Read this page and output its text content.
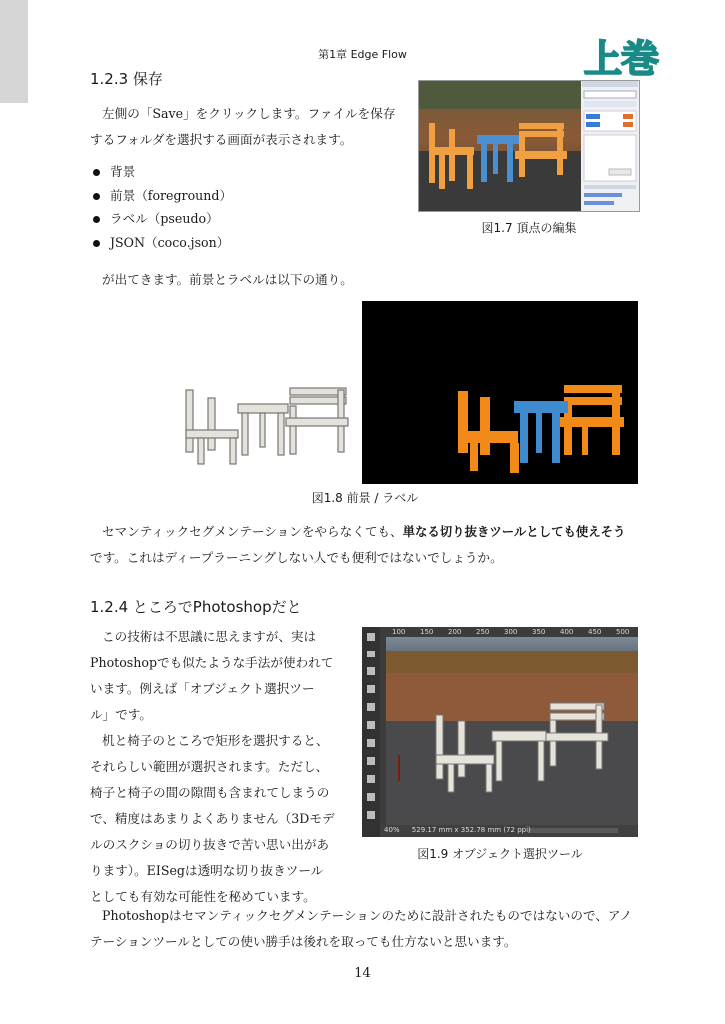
第1章 Edge Flow	上巻
1.2.3 保存
左側の「Save」をクリックします。ファイルを保存
するフォルダを選択する画面が表示されます。
背景
前景（foreground）
ラベル（pseudo）
JSON（coco.json）
が出てきます。前景とラベルは以下の通り。
図1.7 頂点の編集
図1.8 前景 / ラベル
セマンティックセグメンテーションをやらなくても、単なる切り抜きツールとしても使えそう
です。これはディープラーニングしない人でも便利ではないでしょうか。
1.2.4 ところでPhotoshopだと
この技術は不思議に思えますが、実は
Photoshopでも似たような手法が使われて
います。例えば「オブジェクト選択ツー
ル」です。
机と椅子のところで矩形を選択すると、
それらしい範囲が選択されます。ただし、
椅子と椅子の間の隙間も含まれてしまうの
で、精度はあまりよくありません（3Dモデ
ルのスクショの切り抜きで苦い思い出があ
ります）。EISegは透明な切り抜きツール
としても有効な可能性を秘めています。
100 150 200 250 300 350 400 450 500
40% 529.17 mm x 352.78 mm (72 ppi)
図1.9 オブジェクト選択ツール
Photoshopはセマンティックセグメンテーションのために設計されたものではないので、アノ
テーションツールとしての使い勝手は後れを取っても仕方ないと思います。
14
